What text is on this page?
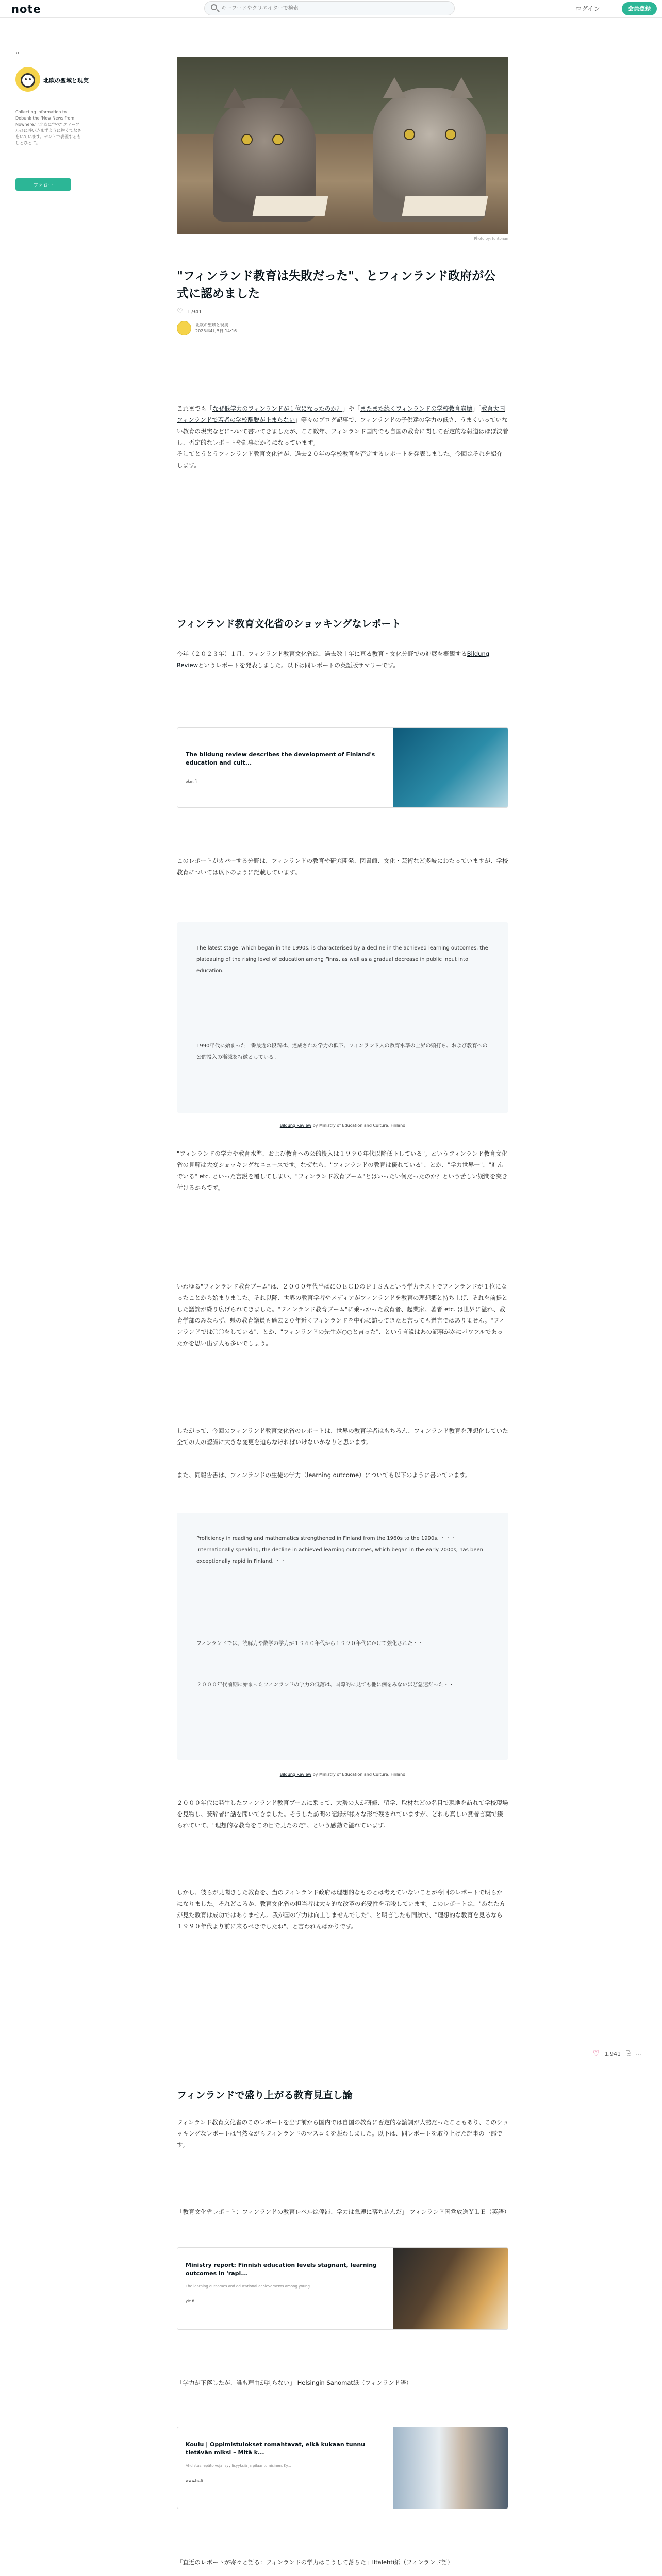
note
キーワードやクリエイターで検索	ログイン	会員登録
‹‹
北欧の聖域と現実
Collecting information to Debunk the 'New News from Nowhere.' "北欧に学べ" ユテーブルひに呼い込まずように物くてなさをいています。テントで表現するもしとひとて。
フォロー
Photo by: tontonan
"フィンランド教育は失敗だった"、とフィンランド政府が公式に認めました
♡ 1,941
北欧の聖域と現実
2023年4月5日 14:16
これまでも「なぜ低学力のフィンランドが１位になったのか？」や「またまた続くフィンランドの学校教育崩壊」「教育大国フィンランドで若者の学校離脱が止まらない」等々のブログ記事で、フィンランドの子供達の学力の低さ、うまくいっていない教育の現実などについて書いてきましたが、ここ数年、フィンランド国内でも自国の教育に関して否定的な報道はほぼ決着し、否定的なレポートや記事ばかりになっています。
そしてとうとうフィンランド教育文化省が、過去２０年の学校教育を否定するレポートを発表しました。今回はそれを紹介します。
フィンランド教育文化省のショッキングなレポート
今年（２０２３年）１月、フィンランド教育文化省は、過去数十年に亘る教育・文化分野での進展を概観するBildung Reviewというレポートを発表しました。以下は同レポートの英語版サマリーです。
The bildung review describes the development of Finland's education and cult...
okm.fi
このレポートがカバーする分野は、フィンランドの教育や研究開発、図書館、文化・芸術など多岐にわたっていますが、学校教育については以下のように記載しています。

The latest stage, which began in the 1990s, is characterised by a decline in the achieved learning outcomes, the plateauing of the rising level of education among Finns, as well as a gradual decrease in public input into education.

1990年代に始まった一番最近の段階は、達成された学力の低下、フィンランド人の教育水準の上昇の頭打ち、および教育への公的投入の漸減を特徴としている。

Bildung Review by Ministry of Education and Culture, Finland
"フィンランドの学力や教育水準、および教育への公的投入は１９９０年代以降低下している"。というフィンランド教育文化省の見解は大変ショッキングなニュースです。なぜなら、"フィンランドの教育は優れている"、とか、"学力世界一"、"進んでいる" etc. といった言説を覆してしまい、"フィンランド教育ブーム"とはいったい何だったのか？という苦しい疑問を突き付けるからです。
いわゆる"フィンランド教育ブーム"は、２０００年代半ばにＯＥＣＤのＰＩＳＡという学力テストでフィンランドが１位になったことから始まりました。それ以降、世界の教育学者やメディアがフィンランドを教育の理想郷と持ち上げ、それを前提とした議論が繰り広げられてきました。"フィンランド教育ブーム"に乗っかった教育者、起業家、著者 etc. は世界に溢れ、教育学部のみならず、県の教育議員も過去２０年近くフィンランドを中心に訪ってきたと言っても過言ではありません。"フィンランドでは〇〇をしている"、とか、"フィンランドの先生が○○と言った"、という言説はあの記事がかにパワフルであったかを思い出す人も多いでしょう。
したがって、今回のフィンランド教育文化省のレポートは、世界の教育学者はもちろん、フィンランド教育を理想化していた全ての人の認識に大きな変更を迫らなければいけないかなりと思います。
また、同報告書は、フィンランドの生徒の学力（learning outcome）についても以下のように書いています。

Proficiency in reading and mathematics strengthened in Finland from the 1960s to the 1990s. ・・・ Internationally speaking, the decline in achieved learning outcomes, which began in the early 2000s, has been exceptionally rapid in Finland. ・・

フィンランドでは、読解力や数学の学力が１９６０年代から１９９０年代にかけて強化された・・

２０００年代前期に始まったフィンランドの学力の低落は、国際的に見ても他に例をみないほど急速だった・・

Bildung Review by Ministry of Education and Culture, Finland
２０００年代に発生したフィンランド教育ブームに乗って、大勢の人が研修、留学、取材などの名目で現地を訪れて学校現場を見物し、賛辞者に話を聞いてきました。そうした訪問の記録が様々な形で残されていますが、どれも真しい賞者言葉で綴られていて、"理想的な教育をこの目で見たのだ"、という感動で溢れています。
しかし、彼らが見聞きした教育を、当のフィンランド政府は理想的なものとは考えていないことが今回のレポートで明らかになりました。それどころか、教育文化省の担当者は大々的な改革の必要性を示唆しています。このレポートは、"あなた方が見た教育は成功ではありません。我が国の学力は向上しませんでした"、と明言したも同然で、"理想的な教育を見るなら１９９０年代より前に来るべきでしたね"、と言われんばかりです。
フィンランドで盛り上がる教育見直し論
フィンランド教育文化省のこのレポートを出す前から国内では自国の教育に否定的な論調が大勢だったこともあり、このショッキングなレポートは当然ながらフィンランドのマスコミを賑わしました。以下は、同レポートを取り上げた記事の一部です。
「教育文化省レポート：フィンランドの教育レベルは停滞、学力は急速に落ち込んだ」 フィンランド国営放送ＹＬＥ（英語）
Ministry report: Finnish education levels stagnant, learning outcomes in 'rapi...
The learning outcomes and educational achievements among young...
yle.fi
「学力が下落したが、誰も理由が判らない」 Helsingin Sanomat紙（フィンランド語）
Koulu | Oppimistulokset romahtavat, eikä kukaan tunnu tietävän miksi – Mitä k...
Ahdistus, epätoivoja, syyllisyyksiä ja pilaantumisinen. Ky...
www.hs.fi
「直近のレポートが寄々と語る：フィンランドの学力はこうして落ちた」Iltalehti紙（フィンランド語）

♡ 1,941 ⎘ ⋯
